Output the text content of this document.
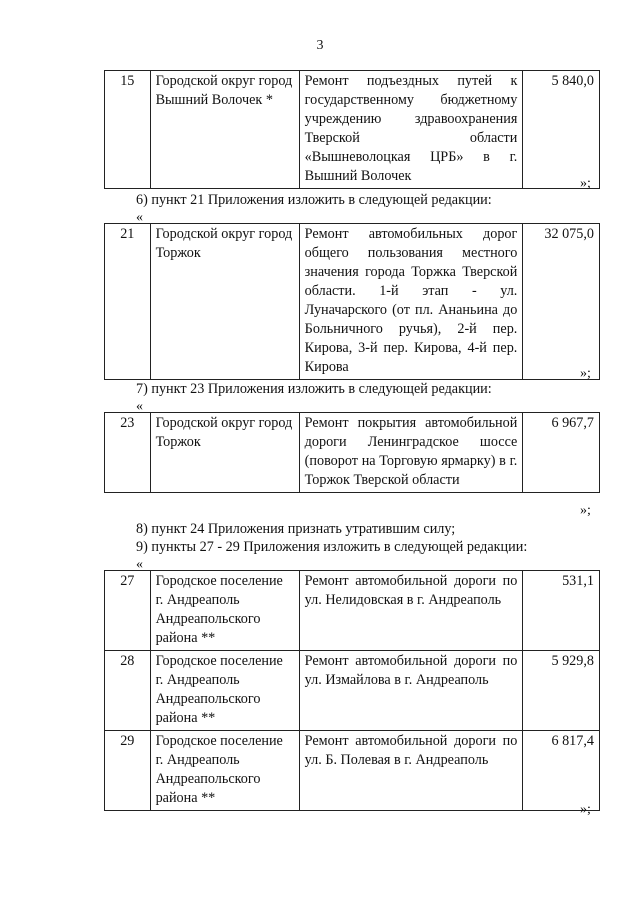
3
15	Городской округ город Вышний Волочек *	Ремонт подъездных путей к государственному бюджетному учреждению здравоохранения Тверской области «Вышневолоцкая ЦРБ» в г. Вышний Волочек	5 840,0
»;
6) пункт 21 Приложения изложить в следующей редакции:
«
21	Городской округ город Торжок	Ремонт автомобильных дорог общего пользования местного значения города Торжка Тверской области. 1-й этап - ул. Луначарского (от пл. Ананьина до Больничного ручья), 2-й пер. Кирова, 3-й пер. Кирова, 4-й пер. Кирова	32 075,0
»;
7) пункт 23 Приложения изложить в следующей редакции:
«
23	Городской округ город Торжок	Ремонт покрытия автомобильной дороги Ленинградское шоссе (поворот на Торговую ярмарку) в г. Торжок Тверской области	6 967,7
»;
8) пункт 24 Приложения признать утратившим силу;
9) пункты 27 - 29 Приложения изложить в следующей редакции:
«
27	Городское поселение г. Андреаполь Андреапольского района **	Ремонт автомобильной дороги по ул. Нелидовская в г. Андреаполь	531,1
28	Городское поселение г. Андреаполь Андреапольского района **	Ремонт автомобильной дороги по ул. Измайлова в г. Андреаполь	5 929,8
29	Городское поселение г. Андреаполь Андреапольского района **	Ремонт автомобильной дороги по ул. Б. Полевая в г. Андреаполь	6 817,4
»;
